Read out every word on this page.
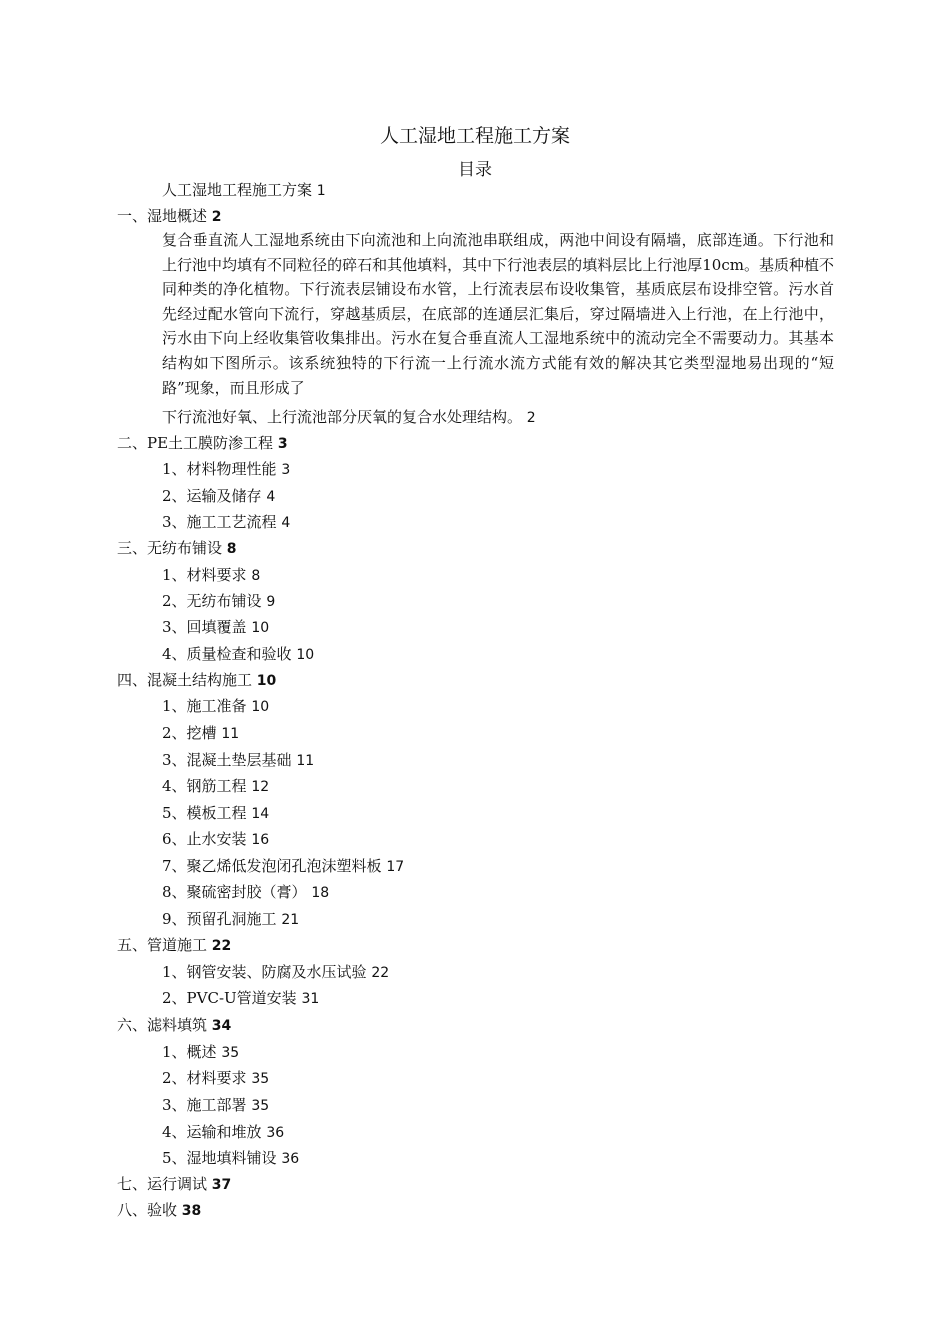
人工湿地工程施工方案
目录
人工湿地工程施工方案 1
一、湿地概述 2
复合垂直流人工湿地系统由下向流池和上向流池串联组成，两池中间设有隔墙，底部连通。下行池和上行池中均填有不同粒径的碎石和其他填料，其中下行池表层的填料层比上行池厚10cm。基质种植不同种类的净化植物。下行流表层铺设布水管，上行流表层布设收集管，基质底层布设排空管。污水首先经过配水管向下流行，穿越基质层，在底部的连通层汇集后，穿过隔墙进入上行池，在上行池中，污水由下向上经收集管收集排出。污水在复合垂直流人工湿地系统中的流动完全不需要动力。其基本结构如下图所示。该系统独特的下行流一上行流水流方式能有效的解决其它类型湿地易出现的“短路”现象，而且形成了
下行流池好氧、上行流池部分厌氧的复合水处理结构。 2
二、PE土工膜防渗工程 3
1、材料物理性能 3
2、运输及储存 4
3、施工工艺流程 4
三、无纺布铺设 8
1、材料要求 8
2、无纺布铺设 9
3、回填覆盖 10
4、质量检查和验收 10
四、混凝土结构施工 10
1、施工准备 10
2、挖槽 11
3、混凝土垫层基础 11
4、钢筋工程 12
5、模板工程 14
6、止水安装 16
7、聚乙烯低发泡闭孔泡沫塑料板 17
8、聚硫密封胶（膏） 18
9、预留孔洞施工 21
五、管道施工 22
1、钢管安装、防腐及水压试验 22
2、PVC-U管道安装 31
六、滤料填筑 34
1、概述 35
2、材料要求 35
3、施工部署 35
4、运输和堆放 36
5、湿地填料铺设 36
七、运行调试 37
八、验收 38
